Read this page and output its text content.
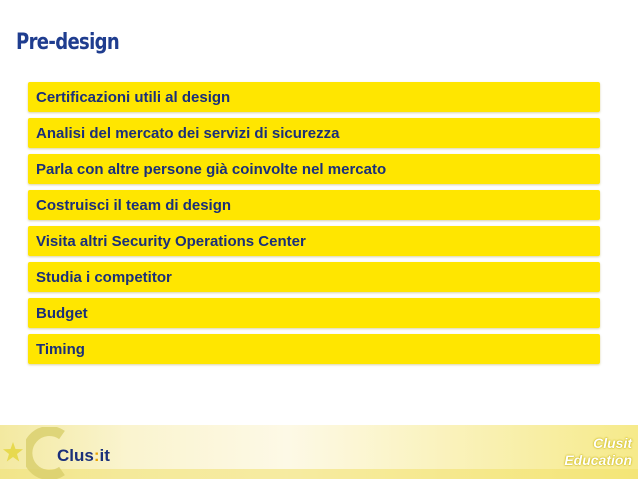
Pre-design
Certificazioni utili al design
Analisi del mercato dei servizi di sicurezza
Parla con altre persone già coinvolte nel mercato
Costruisci il team di design
Visita altri Security Operations Center
Studia i competitor
Budget
Timing
Clus:it
Clusit
Education
